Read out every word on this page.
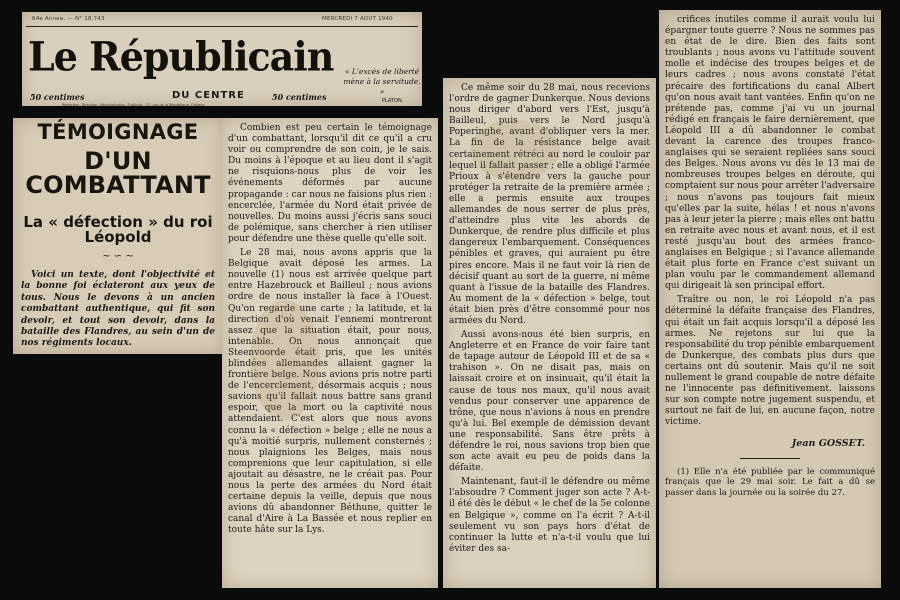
64e Année. — N° 18,743	MERCREDI 7 AOUT 1940
Le Républicain	« L'excès de liberté mène à la servitude. »
PLATON.
50 centimes	DU CENTRE	50 centimes
Rédaction, Direction, Administration, Publicité : 21, rue de la République, Orléans
TÉMOIGNAGE
D'UN COMBATTANT
La « défection » du roi Léopold
~ ∽ ~
Voici un texte, dont l'objectivité et la bonne foi éclateront aux yeux de tous. Nous le devons à un ancien combattant authentique, qui fit son devoir, et tout son devoir, dans la bataille des Flandres, au sein d'un de nos régiments locaux.

Combien est peu certain le témoignage d'un combattant, lorsqu'il dit ce qu'il a cru voir ou comprendre de son coin, je le sais. Du moins à l'époque et au lieu dont il s'agit ne risquions-nous plus de voir les événements déformés par aucune propagande : car nous ne faisions plus rien : encerclée, l'armée du Nord était privée de nouvelles. Du moins aussi j'écris sans souci de polémique, sans chercher à rien utiliser pour défendre une thèse quelle qu'elle soit.

Le 28 mai, nous avons appris que la Belgique avait déposé les armes. La nouvelle (1) nous est arrivée quelque part entre Hazebrouck et Bailleul ; nous avions ordre de nous installer là face à l'Ouest. Qu'on regarde une carte ; la latitude, et la direction d'où venait l'ennemi montreront assez que la situation était, pour nous, intenable. On nous annonçait que Steenvoorde était pris, que les unités blindées allemandes allaient gagner la frontière belge. Nous avions pris notre parti de l'encerclement, désormais acquis ; nous savions qu'il fallait nous battre sans grand espoir, que la mort ou la captivité nous attendaient. C'est alors que nous avons connu la « défection » belge ; elle ne nous a qu'à moitié surpris, nullement consternés ; nous plaignions les Belges, mais nous comprenions que leur capitulation, si elle ajoutait au désastre, ne le créait pas. Pour nous la perte des armées du Nord était certaine depuis la veille, depuis que nous avions dû abandonner Béthune, quitter le canal d'Aire à La Bassée et nous replier en toute hâte sur la Lys.

Ce même soir du 28 mai, nous recevions l'ordre de gagner Dunkerque. Nous devions nous diriger d'abord vers l'Est, jusqu'à Bailleul, puis vers le Nord jusqu'à Poperinghe, avant d'obliquer vers la mer. La fin de la résistance belge avait certainement rétréci au nord le couloir par lequel il fallait passer ; elle a obligé l'armée Prioux à s'étendre vers la gauche pour protéger la retraite de la première armée ; elle a permis ensuite aux troupes allemandes de nous serrer de plus près, d'atteindre plus vite les abords de Dunkerque, de rendre plus difficile et plus dangereux l'embarquement. Conséquences pénibles et graves, qui auraient pu être pires encore. Mais il ne faut voir là rien de décisif quant au sort de la guerre, ni même quant à l'issue de la bataille des Flandres. Au moment de la « défection » belge, tout était bien près d'être consommé pour nos armées du Nord.

Aussi avons-nous été bien surpris, en Angleterre et en France de voir faire tant de tapage autour de Léopold III et de sa « trahison ». On ne disait pas, mais on laissait croire et on insinuait, qu'il était la cause de tous nos maux, qu'il nous avait vendus pour conserver une apparence de trône, que nous n'avions à nous en prendre qu'à lui. Bel exemple de démission devant une responsabilité. Sans être prêts à défendre le roi, nous savions trop bien que son acte avait eu peu de poids dans la défaite.

Maintenant, faut-il le défendre ou même l'absoudre ? Comment juger son acte ? A-t-il été dès le début « le chef de la 5e colonne en Belgique », comme on l'a écrit ? A-t-il seulement vu son pays hors d'état de continuer la lutte et n'a-t-il voulu que lui éviter des sa-

crifices inutiles comme il aurait voulu lui épargner toute guerre ? Nous ne sommes pas en état de le dire. Bien des faits sont troublants ; nous avons vu l'attitude souvent molle et indécise des troupes belges et de leurs cadres ; nous avons constaté l'état précaire des fortifications du canal Albert qu'on nous avait tant vantées. Enfin qu'on ne prétende pas, comme j'ai vu un journal rédigé en français le faire dernièrement, que Léopold III a dû abandonner le combat devant la carence des troupes franco-anglaises qui se seraient repliées sans souci des Belges. Nous avons vu dès le 13 mai de nombreuses troupes belges en déroute, qui comptaient sur nous pour arrêter l'adversaire ; nous n'avons pas toujours fait mieux qu'elles par la suite, hélas ! et nous n'avons pas à leur jeter la pierre ; mais elles ont battu en retraite avec nous et avant nous, et il est resté jusqu'au bout des armées franco-anglaises en Belgique ; si l'avance allemande était plus forte en France c'est suivant un plan voulu par le commandement allemand qui dirigeait là son principal effort.

Traître ou non, le roi Léopold n'a pas déterminé la défaite française des Flandres, qui était un fait acquis lorsqu'il a déposé les armes. Ne rejetons sur lui que la responsabilité du trop pénible embarquement de Dunkerque, des combats plus durs que certains ont dû soutenir. Mais qu'il ne soit nullement le grand coupable de notre défaite ne l'innocente pas définitivement. laissons sur son compte notre jugement suspendu, et surtout ne fait de lui, en aucune façon, notre victime.

Jean GOSSET.
(1) Elle n'a été publiée par le communiqué français que le 29 mai soir. Le fait a dû se passer dans la journée ou la soirée du 27.
